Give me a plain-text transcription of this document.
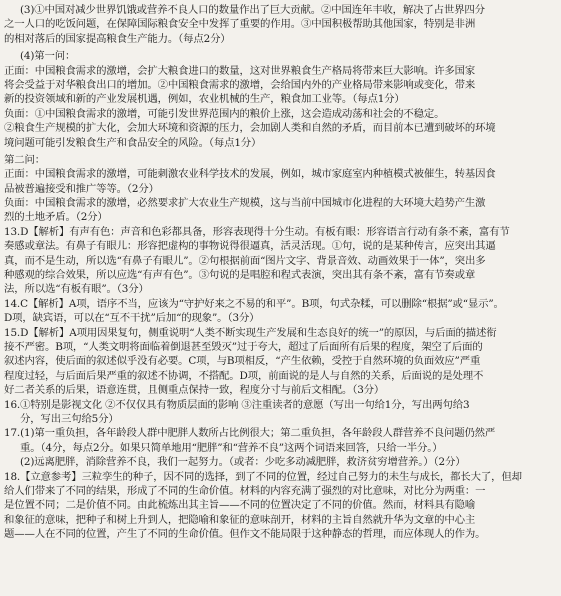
(3)①中国对减少世界饥饿或营养不良人口的数量作出了巨大贡献。②中国连年丰收，解决了占世界四分
之一人口的吃饭问题，在保障国际粮食安全中发挥了重要的作用。③中国积极帮助其他国家，特别是非洲
的相对落后的国家提高粮食生产能力。（每点2分）
(4)第一问：
正面：中国粮食需求的激增，会扩大粮食进口的数量，这对世界粮食生产格局将带来巨大影响。许多国家
将会受益于对华粮食出口的增加。②中国粮食需求的激增，会给国内外的产业格局带来影响或变化，带来
新的投资领域和新的产业发展机遇，例如，农业机械的生产，粮食加工业等。（每点1分）
负面：①中国粮食需求的激增，可能引发世界范围内的粮价上涨，这会造成动荡和社会的不稳定。
②粮食生产规模的扩大化，会加大环境和资源的压力，会加剧人类和自然的矛盾，而目前本已遭到破坏的环境
境问题可能引发粮食生产和食品安全的风险。（每点1分）
第二问：
正面：中国粮食需求的激增，可能刺激农业科学技术的发展，例如，城市家庭室内种植模式被催生，转基因食
品被普遍接受和推广等等。（2分）
负面：中国粮食需求的激增，必然要求扩大农业生产规模，这与当前中国城市化进程的大环境大趋势产生激
烈的土地矛盾。（2分）
13.D【解析】有声有色：声音和色彩都具备，形容表现得十分生动。有板有眼：形容语言行动有条不紊，富有节
奏感或章法。有鼻子有眼儿：形容把虚构的事物说得很逼真，活灵活现。①句，说的是某种传言，应突出其逼
真，而不是生动，所以选“有鼻子有眼儿”。②句根据前面“图片文字、背景音效、动画效果于一体”，突出多
种感观的综合效果，所以应选“有声有色”。③句说的是唱腔和程式表演，突出其有条不紊，富有节奏或章
法，所以选“有板有眼”。（3分）
14.C【解析】A项，语序不当，应该为“守护好来之不易的和平”。B项，句式杂糅，可以删除“根据”或“显示”。
D项，缺宾语，可以在“互不干扰”后加“的现象”。（3分）
15.D【解析】A项用因果复句，侧重说明“人类不断实现生产发展和生态良好的统一”的原因，与后面的描述衔
接不严密。B项，“人类文明将面临着倒退甚至毁灭”过于夸大，超过了后面所有后果的程度，架空了后面的
叙述内容，使后面的叙述似乎没有必要。C项，与B项相反，“产生依赖，受控于自然环境的负面效应”严重
程度过轻，与后面后果严重的叙述不协调，不搭配。D项，前面说的是人与自然的关系，后面说的是处理不
好二者关系的后果，语意连贯，且侧重点保持一致，程度分寸与前后文相配。（3分）
16.①特别是影视文化 ②不仅仅具有物质层面的影响 ③注重读者的意愿（写出一句给1分，写出两句给3
分，写出三句给5分）
17.(1)第一重负担，各年龄段人群中肥胖人数所占比例很大；第二重负担，各年龄段人群营养不良问题仍然严
重。（4分，每点2分。如果只简单地用“肥胖”和“营养不良”这两个词语来回答，只给一半分。）
(2)远离肥胖，消除营养不良，我们一起努力。（或者：少吃多动减肥胖，救济贫穷增营养。）（2分）
18.【立意参考】三粒孪生的种子，因不同的选择，到了不同的位置，经过自己努力的未生与成长，都长大了，但却
给人们带来了不同的结果，形成了不同的生命价值。材料的内容充满了强烈的对比意味，对比分为两重：一
是位置不同；二是价值不同。由此梳炼出其主旨——不同的位置决定了不同的价值。然而，材料具有隐喻
和象征的意味，把种子和树上升到人，把隐喻和象征的意味剖开，材料的主旨自然就升华为文章的中心主
题——人在不同的位置，产生了不同的生命价值。但作文不能局限于这种静态的哲理，而应体现人的作为。
